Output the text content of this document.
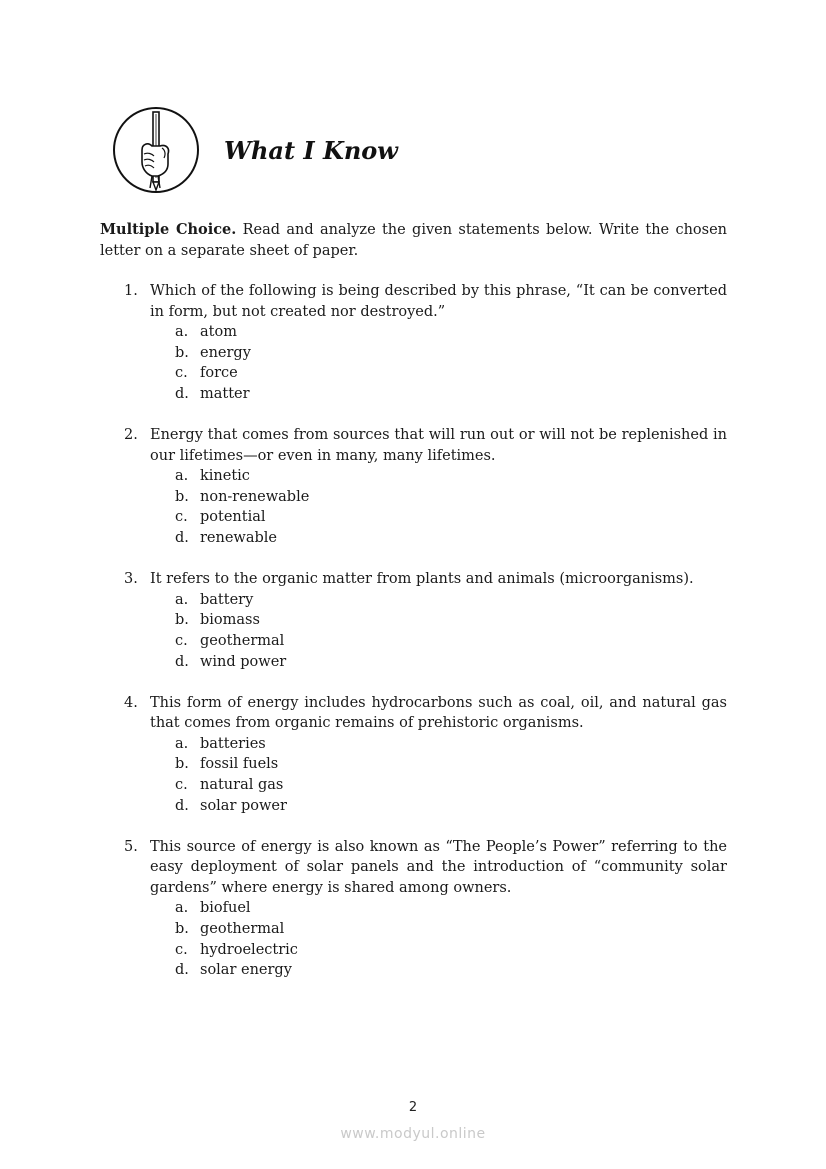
What I Know
Multiple Choice. Read and analyze the given statements below. Write the chosen letter on a separate sheet of paper.
1. Which of the following is being described by this phrase, “It can be converted in form, but not created nor destroyed.”
a. atom
b. energy
c. force
d. matter
2. Energy that comes from sources that will run out or will not be replenished in our lifetimes—or even in many, many lifetimes.
a. kinetic
b. non-renewable
c. potential
d. renewable
3. It refers to the organic matter from plants and animals (microorganisms).
a. battery
b. biomass
c. geothermal
d. wind power
4. This form of energy includes hydrocarbons such as coal, oil, and natural gas that comes from organic remains of prehistoric organisms.
a. batteries
b. fossil fuels
c. natural gas
d. solar power
5. This source of energy is also known as “The People’s Power” referring to the easy deployment of solar panels and the introduction of “community solar gardens” where energy is shared among owners.
a. biofuel
b. geothermal
c. hydroelectric
d. solar energy
2
www.modyul.online
